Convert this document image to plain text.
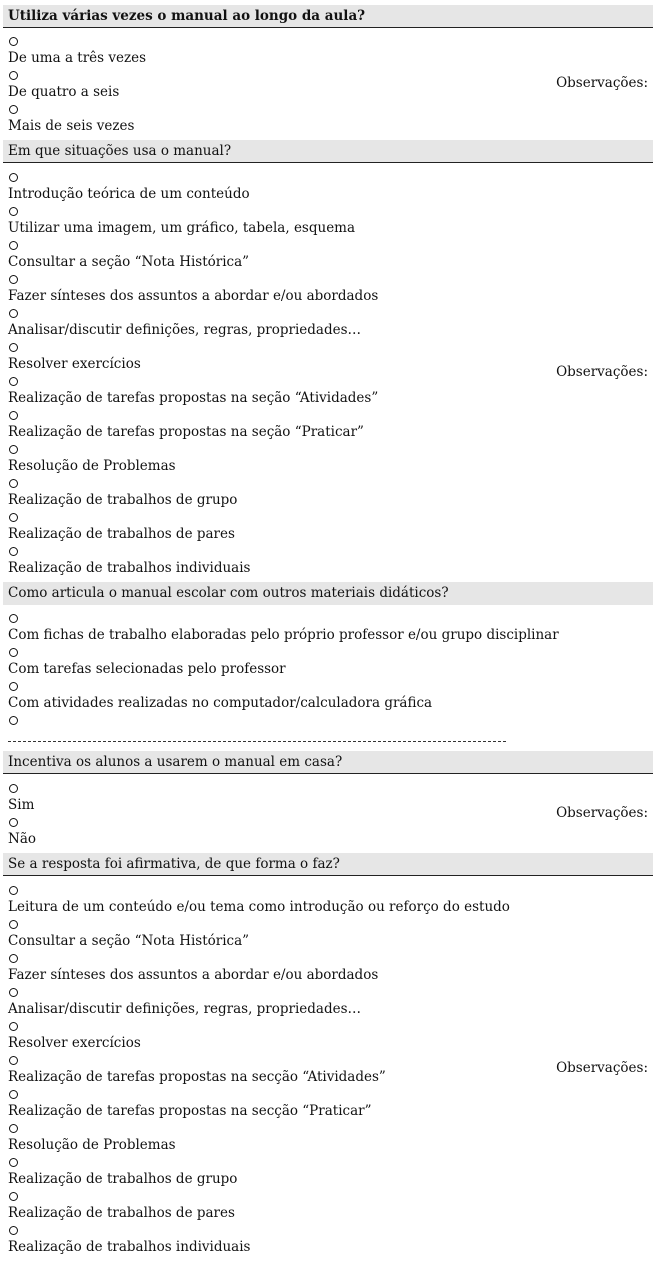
Utiliza várias vezes o manual ao longo da aula?
De uma a três vezes
De quatro a seis
Mais de seis vezes
Observações:
Em que situações usa o manual?
Introdução teórica de um conteúdo
Utilizar uma imagem, um gráfico, tabela, esquema
Consultar a seção “Nota Histórica”
Fazer sínteses dos assuntos a abordar e/ou abordados
Analisar/discutir definições, regras, propriedades…
Resolver exercícios
Realização de tarefas propostas na seção “Atividades”
Realização de tarefas propostas na seção “Praticar”
Resolução de Problemas
Realização de trabalhos de grupo
Realização de trabalhos de pares
Realização de trabalhos individuais
Observações:
Como articula o manual escolar com outros materiais didáticos?
Com fichas de trabalho elaboradas pelo próprio professor e/ou grupo disciplinar
Com tarefas selecionadas pelo professor
Com atividades realizadas no computador/calculadora gráfica
Incentiva os alunos a usarem o manual em casa?
Sim
Não
Observações:
Se a resposta foi afirmativa, de que forma o faz?
Leitura de um conteúdo e/ou tema como introdução ou reforço do estudo
Consultar a seção “Nota Histórica”
Fazer sínteses dos assuntos a abordar e/ou abordados
Analisar/discutir definições, regras, propriedades…
Resolver exercícios
Realização de tarefas propostas na secção “Atividades”
Realização de tarefas propostas na secção “Praticar”
Resolução de Problemas
Realização de trabalhos de grupo
Realização de trabalhos de pares
Realização de trabalhos individuais
Observações:
